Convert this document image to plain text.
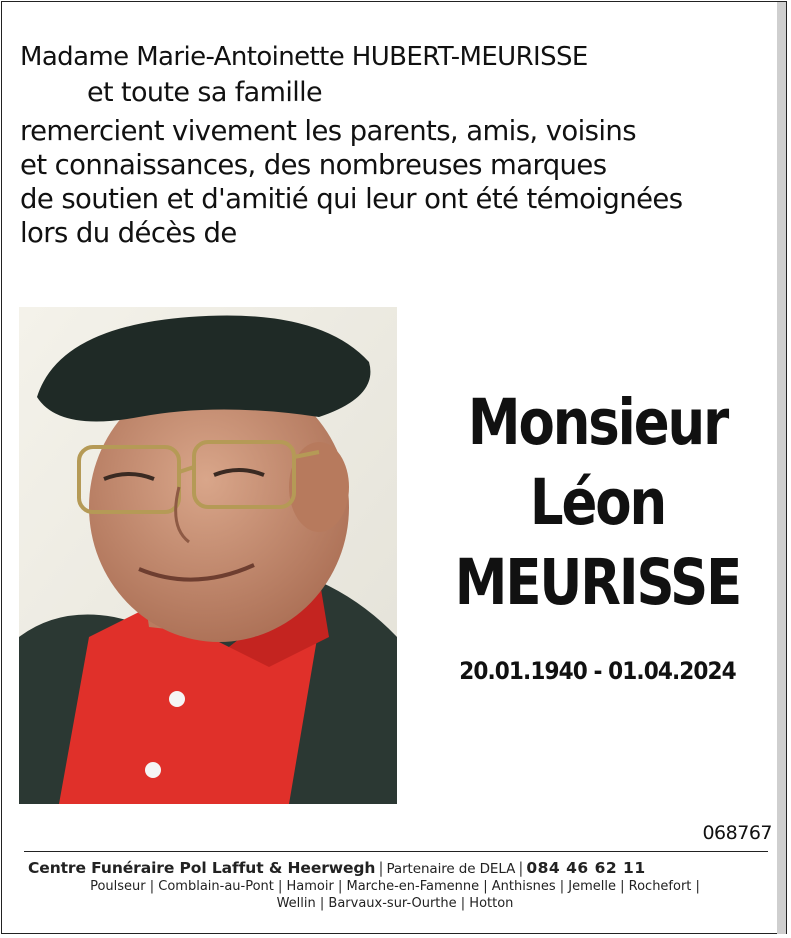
Madame Marie-Antoinette HUBERT-MEURISSE
et toute sa famille
remercient vivement les parents, amis, voisins
et connaissances, des nombreuses marques
de soutien et d'amitié qui leur ont été témoignées
lors du décès de
Monsieur
Léon
MEURISSE
20.01.1940 - 01.04.2024
068767
Centre Funéraire Pol Laffut & Heerwegh | Partenaire de DELA | 084 46 62 11
Poulseur | Comblain-au-Pont | Hamoir | Marche-en-Famenne | Anthisnes | Jemelle | Rochefort |
Wellin | Barvaux-sur-Ourthe | Hotton
